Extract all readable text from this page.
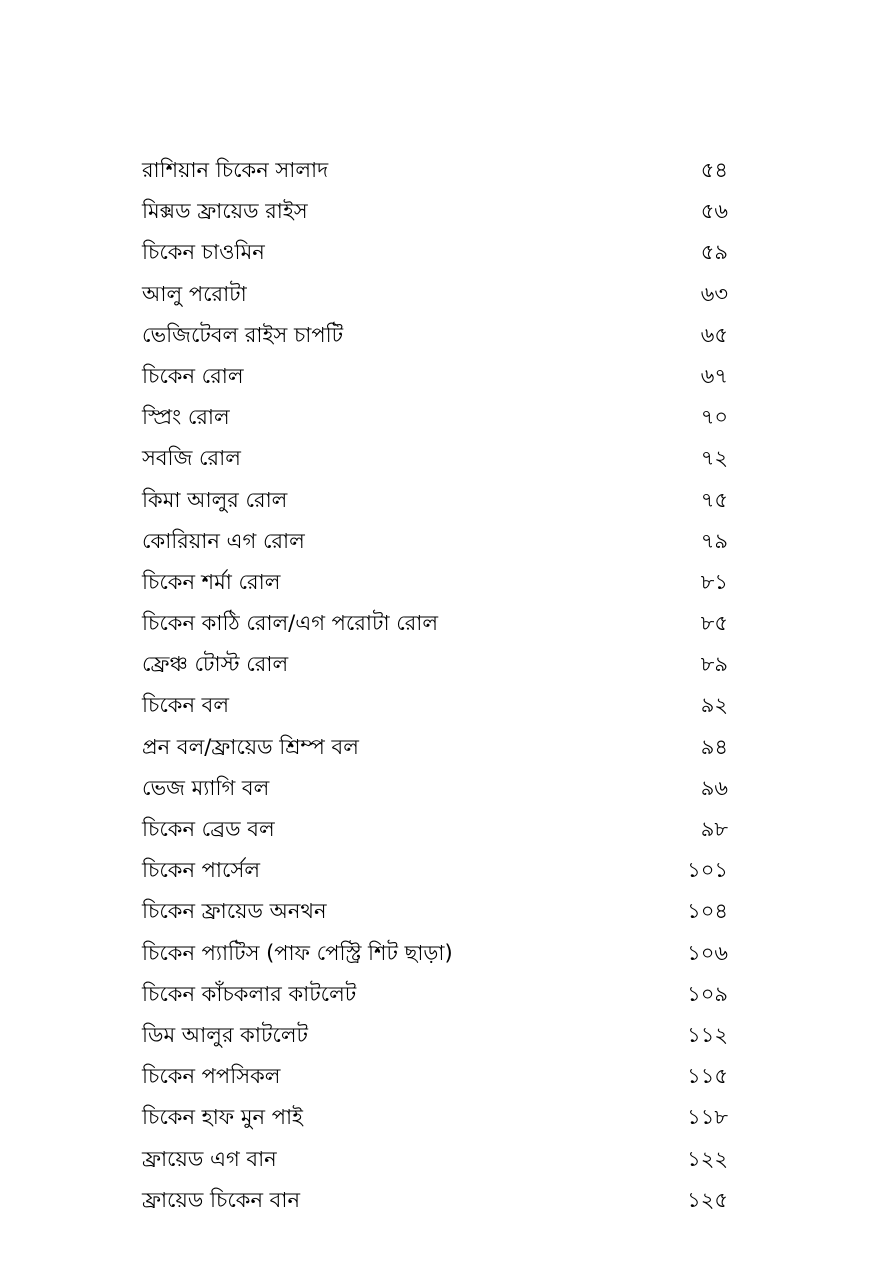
রাশিয়ান চিকেন সালাদ	৫৪
মিক্সড ফ্রায়েড রাইস	৫৬
চিকেন চাওমিন	৫৯
আলু পরোটা	৬৩
ভেজিটেবল রাইস চাপটি	৬৫
চিকেন রোল	৬৭
স্প্রিং রোল	৭০
সবজি রোল	৭২
কিমা আলুর রোল	৭৫
কোরিয়ান এগ রোল	৭৯
চিকেন শর্মা রোল	৮১
চিকেন কাঠি রোল/এগ পরোটা রোল	৮৫
ফ্রেঞ্চ টোস্ট রোল	৮৯
চিকেন বল	৯২
প্রন বল/ফ্রায়েড শ্রিম্প বল	৯৪
ভেজ ম্যাগি বল	৯৬
চিকেন ব্রেড বল	৯৮
চিকেন পার্সেল	১০১
চিকেন ফ্রায়েড অনথন	১০৪
চিকেন প্যাটিস (পাফ পেস্ট্রি শিট ছাড়া)	১০৬
চিকেন কাঁচকলার কাটলেট	১০৯
ডিম আলুর কাটলেট	১১২
চিকেন পপসিকল	১১৫
চিকেন হাফ মুন পাই	১১৮
ফ্রায়েড এগ বান	১২২
ফ্রায়েড চিকেন বান	১২৫
